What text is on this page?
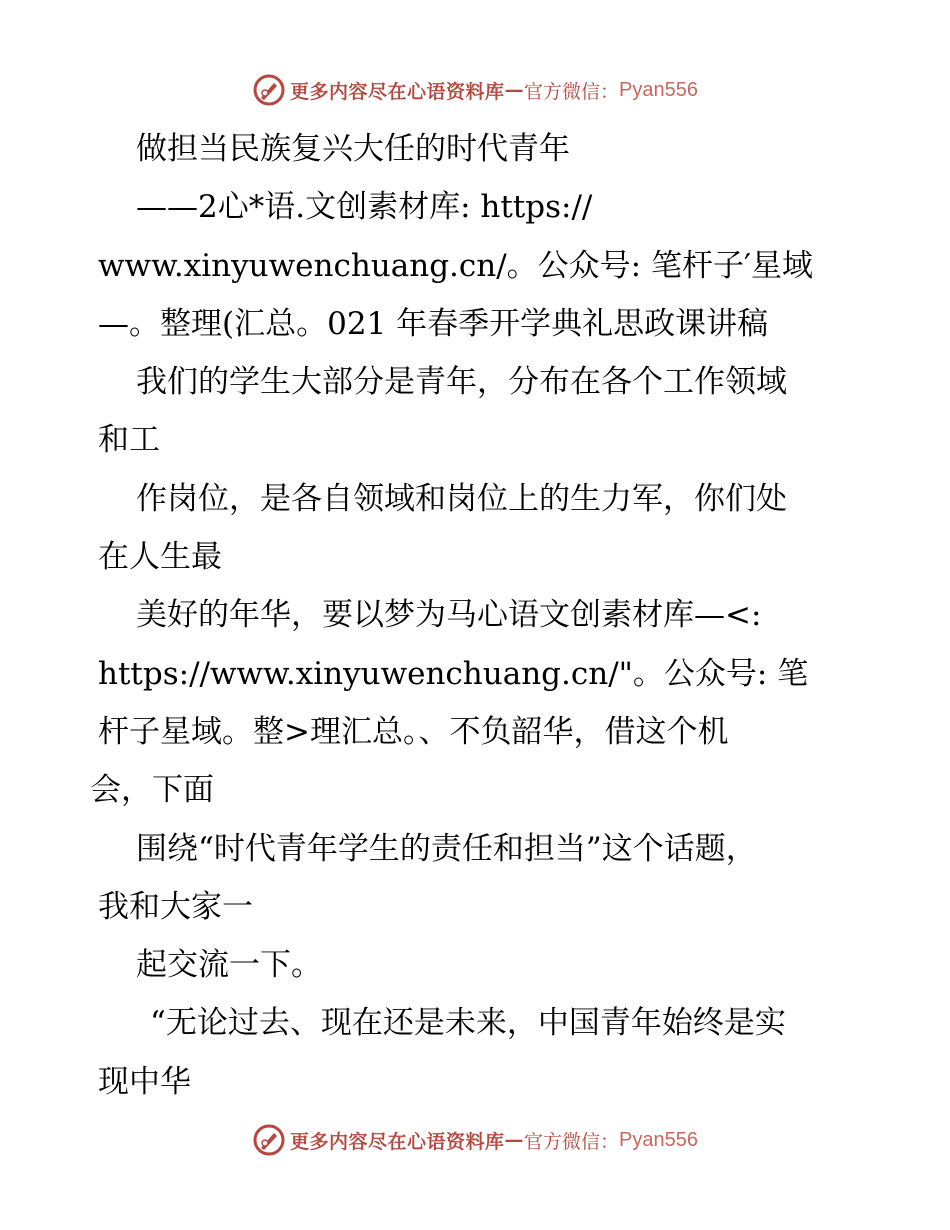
更多内容尽在心语资料库 — 官方微信： Pyan556
做担当民族复兴大任的时代青年
——2心*语.文创素材库: https://
www.xinyuwenchuang.cn/。公众号: 笔杆子′星域
—。整理(汇总。021 年春季开学典礼思政课讲稿
我们的学生大部分是青年，分布在各个工作领域
和工
作岗位，是各自领域和岗位上的生力军，你们处
在人生最
美好的年华，要以梦为马心语文创素材库—<:
https://www.xinyuwenchuang.cn/"。公众号: 笔
杆子星域。整>理汇总。、不负韶华，借这个机
会，下面
围绕“时代青年学生的责任和担当”这个话题，
我和大家一
起交流一下。
“无论过去、现在还是未来，中国青年始终是实
现中华
更多内容尽在心语资料库 — 官方微信： Pyan556
